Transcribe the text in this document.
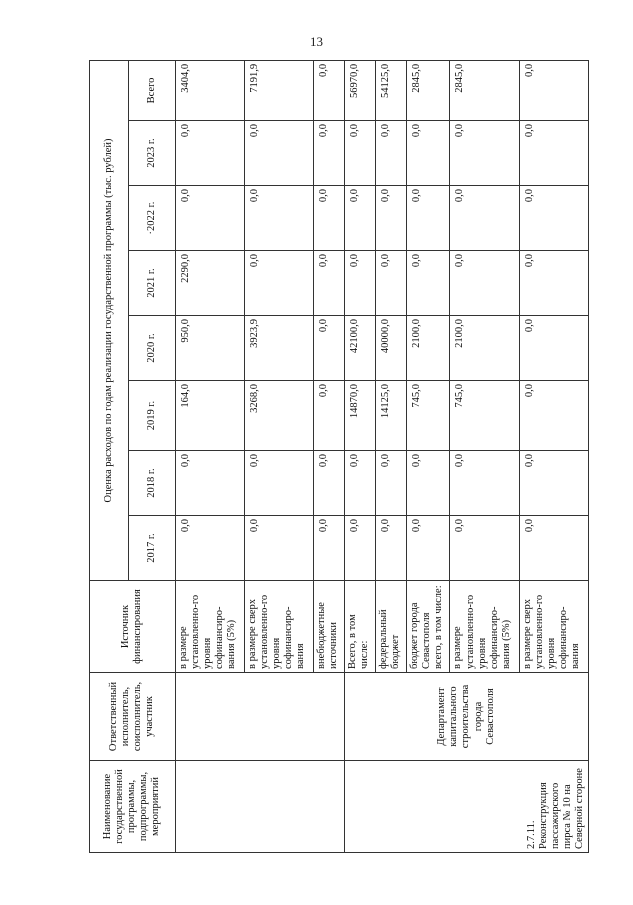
13
Наименование государственной программы, подпрограммы, мероприятий	Ответственный исполнитель, соисполнитель, участник	Источник финансирования	Оценка расходов по годам реализации государственной программы (тыс. рублей)							
			2017 г.	2018 г.	2019 г.	2020 г.	2021 г.	·2022 г.	2023 г.	Всего
		в размере установленно-го уровня софинансиро-вания (5%)	0,0	0,0	164,0	950,0	2290,0	0,0	0,0	3404,0
		в размере сверх установленно-го уровня софинансиро-вания	0,0	0,0	3268,0	3923,9	0,0	0,0	0,0	7191,9
		внебюджетные источники	0,0	0,0	0,0	0,0	0,0	0,0	0,0	0,0
2.7.11. Реконструкция пассажирского пирса № 10 на Северной стороне	Департамент капитального строительства города Севастополя	Всего, в том числе:	0,0	0,0	14870,0	42100,0	0,0	0,0	0,0	56970,0
		федеральный бюджет	0,0	0,0	14125,0	40000,0	0,0	0,0	0,0	54125,0
		бюджет города Севастополя всего, в том числе:	0,0	0,0	745,0	2100,0	0,0	0,0	0,0	2845,0
		в размере установленно-го уровня софинансиро-вания (5%)	0,0	0,0	745,0	2100,0	0,0	0,0	0,0	2845,0
		в размере сверх установленно-го уровня софинансиро-вания	0,0	0,0	0,0	0,0	0,0	0,0	0,0	0,0
